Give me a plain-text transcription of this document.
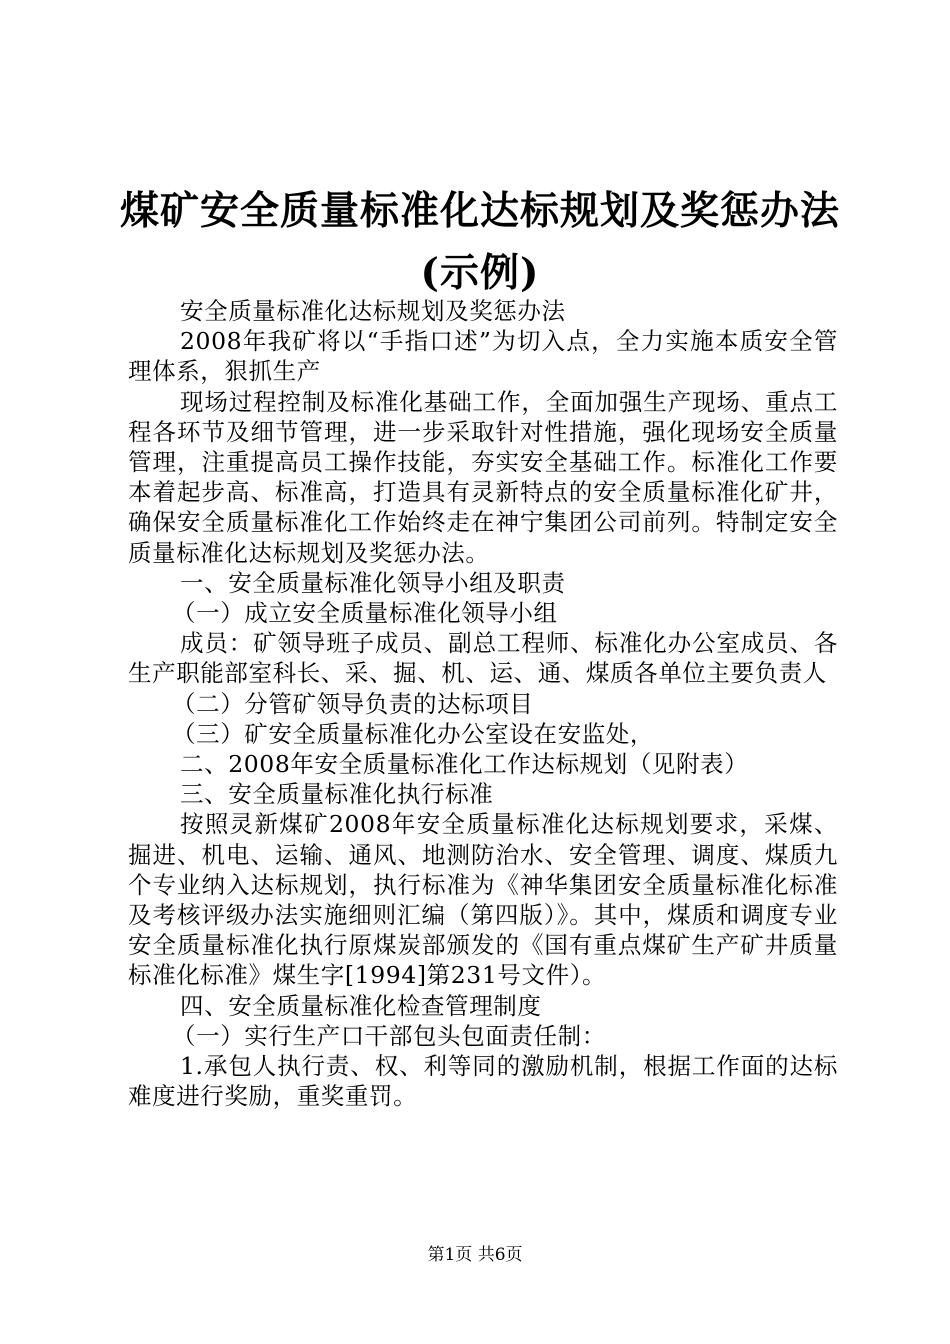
煤矿安全质量标准化达标规划及奖惩办法(示例)

安全质量标准化达标规划及奖惩办法

2008年我矿将以“手指口述”为切入点，全力实施本质安全管理体系，狠抓生产

现场过程控制及标准化基础工作，全面加强生产现场、重点工程各环节及细节管理，进一步采取针对性措施，强化现场安全质量管理，注重提高员工操作技能，夯实安全基础工作。标准化工作要本着起步高、标准高，打造具有灵新特点的安全质量标准化矿井，确保安全质量标准化工作始终走在神宁集团公司前列。特制定安全质量标准化达标规划及奖惩办法。

一、安全质量标准化领导小组及职责

（一）成立安全质量标准化领导小组

成员：矿领导班子成员、副总工程师、标准化办公室成员、各生产职能部室科长、采、掘、机、运、通、煤质各单位主要负责人

（二）分管矿领导负责的达标项目

（三）矿安全质量标准化办公室设在安监处，

二、2008年安全质量标准化工作达标规划（见附表）

三、安全质量标准化执行标准

按照灵新煤矿2008年安全质量标准化达标规划要求，采煤、掘进、机电、运输、通风、地测防治水、安全管理、调度、煤质九个专业纳入达标规划，执行标准为《神华集团安全质量标准化标准及考核评级办法实施细则汇编（第四版）》。其中，煤质和调度专业安全质量标准化执行原煤炭部颁发的《国有重点煤矿生产矿井质量标准化标准》煤生字[1994]第231号文件）。

四、安全质量标准化检查管理制度

（一）实行生产口干部包头包面责任制：

1.承包人执行责、权、利等同的激励机制，根据工作面的达标难度进行奖励，重奖重罚。

第1页 共6页
